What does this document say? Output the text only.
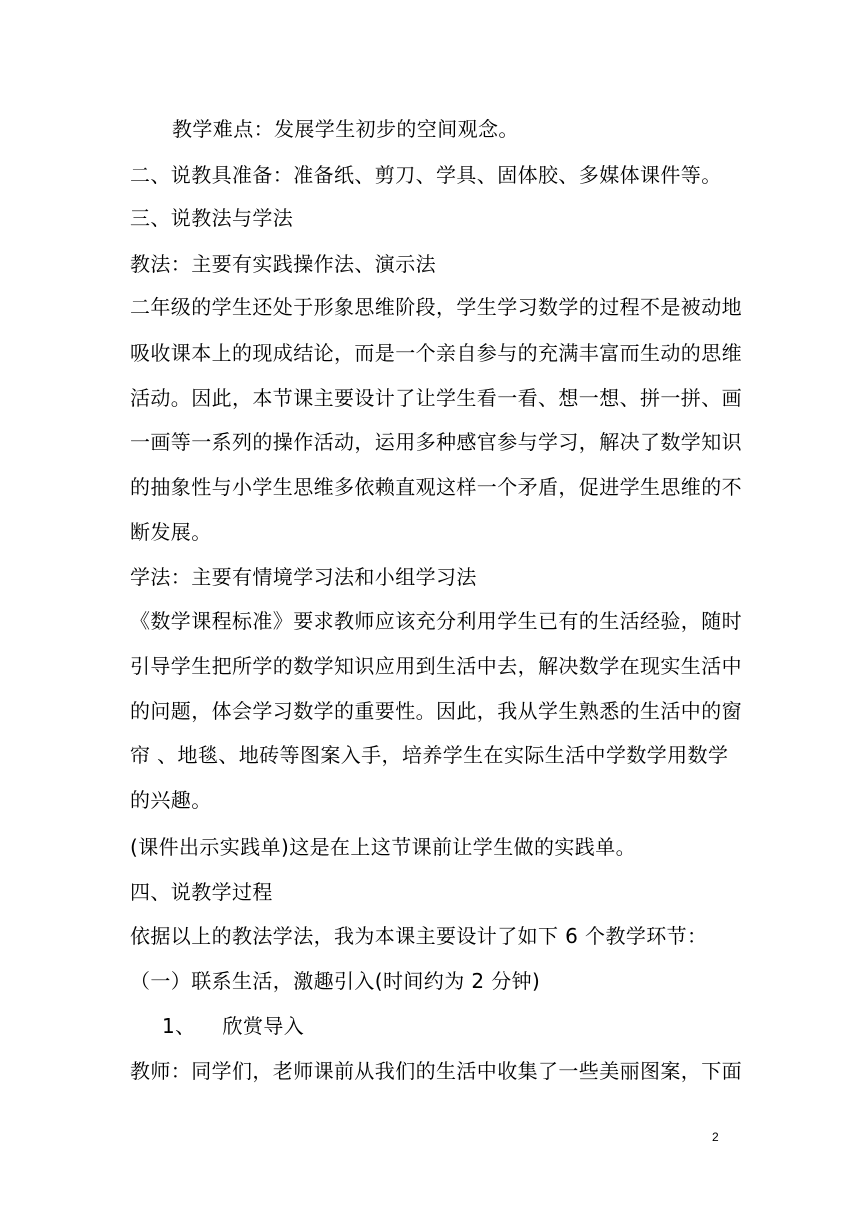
教学难点：发展学生初步的空间观念。
二、说教具准备：准备纸、剪刀、学具、固体胶、多媒体课件等。
三、说教法与学法
教法：主要有实践操作法、演示法
二年级的学生还处于形象思维阶段，学生学习数学的过程不是被动地
吸收课本上的现成结论，而是一个亲自参与的充满丰富而生动的思维
活动。因此，本节课主要设计了让学生看一看、想一想、拼一拼、画
一画等一系列的操作活动，运用多种感官参与学习，解决了数学知识
的抽象性与小学生思维多依赖直观这样一个矛盾，促进学生思维的不
断发展。
学法：主要有情境学习法和小组学习法
《数学课程标准》要求教师应该充分利用学生已有的生活经验，随时
引导学生把所学的数学知识应用到生活中去，解决数学在现实生活中
的问题，体会学习数学的重要性。因此，我从学生熟悉的生活中的窗
帘 、地毯、地砖等图案入手，培养学生在实际生活中学数学用数学
的兴趣。
(课件出示实践单)这是在上这节课前让学生做的实践单。
四、说教学过程
依据以上的教法学法，我为本课主要设计了如下 6 个教学环节：
（一）联系生活，激趣引入(时间约为 2 分钟)
1、    欣赏导入
教师：同学们，老师课前从我们的生活中收集了一些美丽图案，下面
2
